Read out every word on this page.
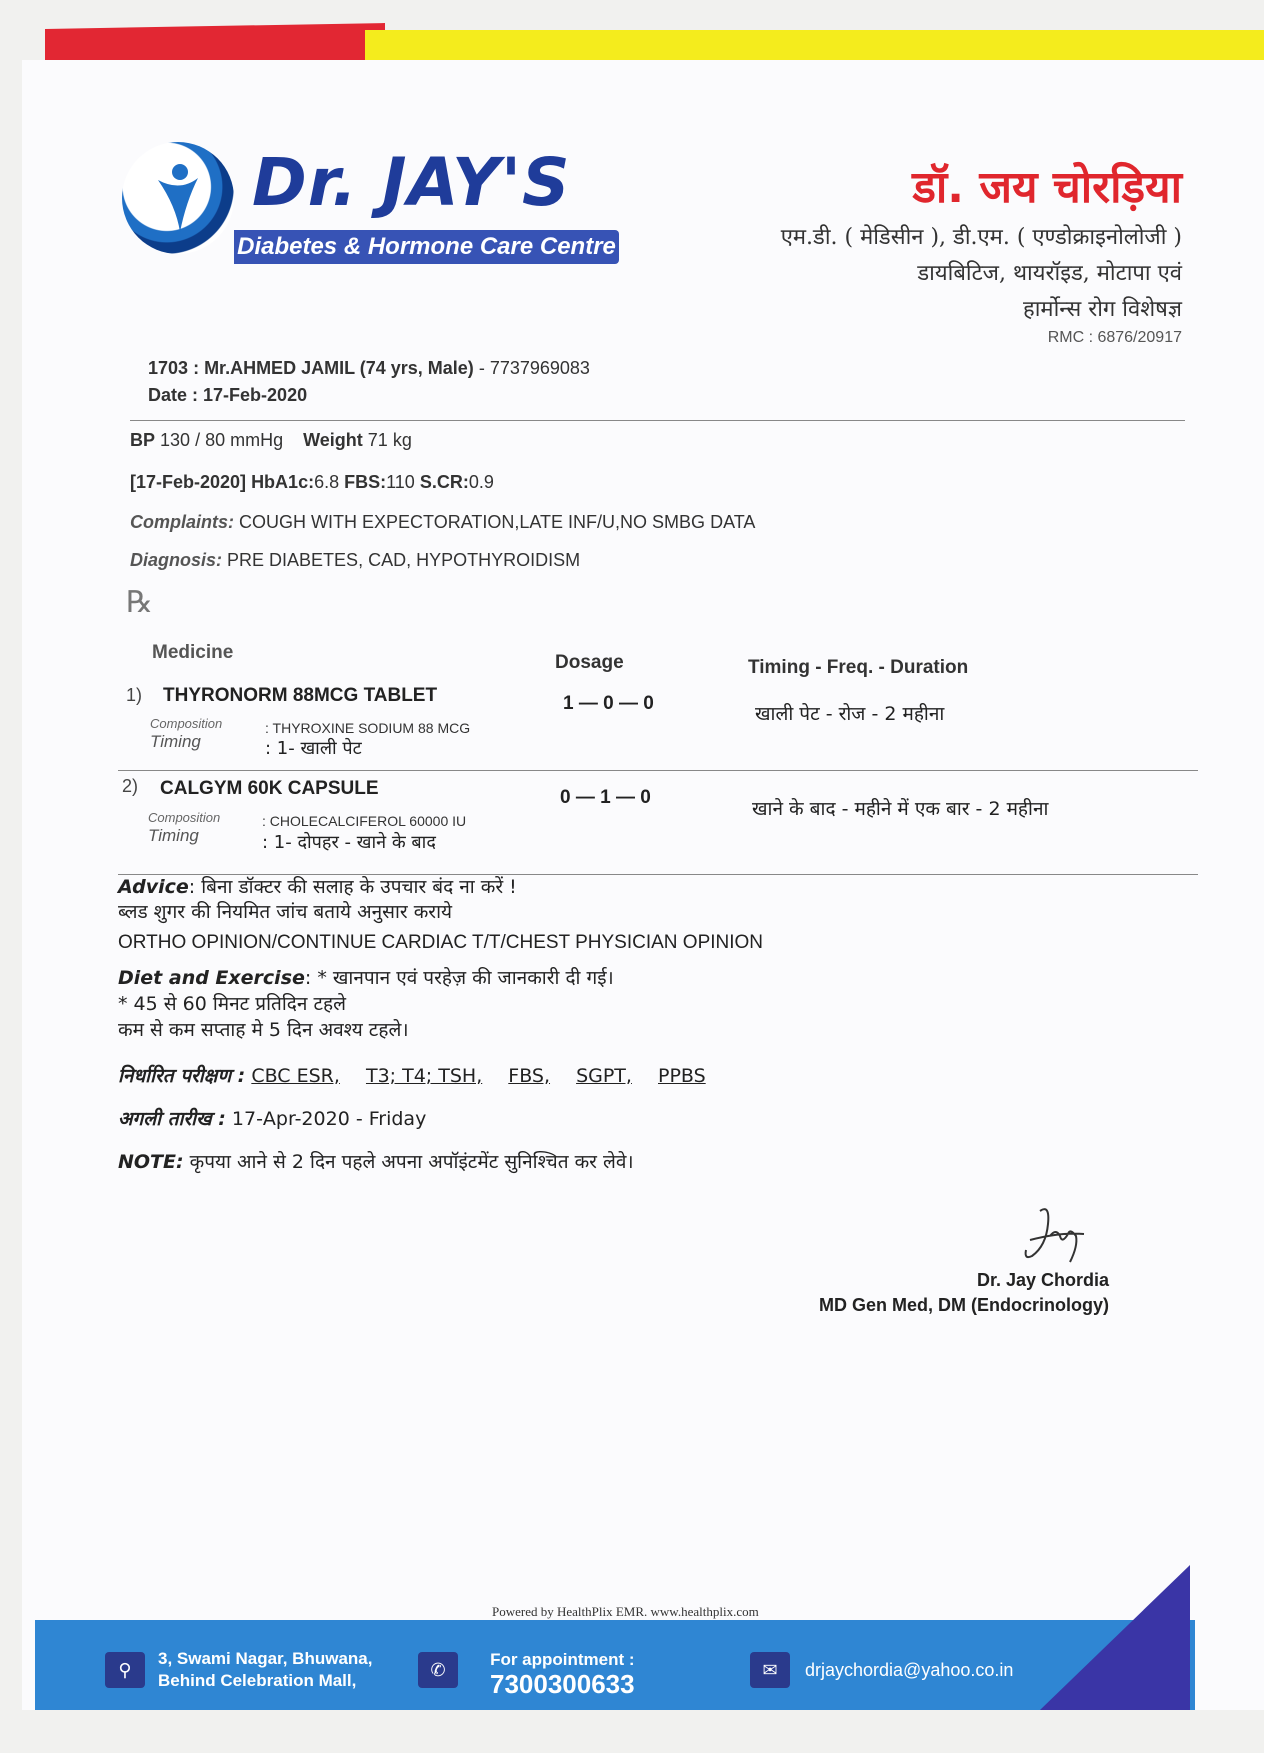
Dr. JAY'S
Diabetes & Hormone Care Centre
डॉ. जय चोरड़िया
एम.डी. ( मेडिसीन ), डी.एम. ( एण्डोक्राइनोलोजी )
डायबिटिज, थायरॉइड, मोटापा एवं
हार्मोन्स रोग विशेषज्ञ
RMC : 6876/20917
1703 : Mr.AHMED JAMIL (74 yrs, Male) - 7737969083
Date : 17-Feb-2020
BP 130 / 80 mmHg Weight 71 kg
[17-Feb-2020] HbA1c:6.8 FBS:110 S.CR:0.9
Complaints: COUGH WITH EXPECTORATION,LATE INF/U,NO SMBG DATA
Diagnosis: PRE DIABETES, CAD, HYPOTHYROIDISM
℞
Medicine	Dosage	Timing - Freq. - Duration
1) THYRONORM 88MCG TABLET
Composition	: THYROXINE SODIUM 88 MCG
Timing	: 1- खाली पेट
1 — 0 — 0	खाली पेट - रोज - 2 महीना
2) CALGYM 60K CAPSULE
Composition	: CHOLECALCIFEROL 60000 IU
Timing	: 1- दोपहर - खाने के बाद
0 — 1 — 0
खाने के बाद - महीने में एक बार - 2 महीना
Advice: बिना डॉक्टर की सलाह के उपचार बंद ना करें !
ब्लड शुगर की नियमित जांच बताये अनुसार कराये
ORTHO OPINION/CONTINUE CARDIAC T/T/CHEST PHYSICIAN OPINION
Diet and Exercise: * खानपान एवं परहेज़ की जानकारी दी गई।
* 45 से 60 मिनट प्रतिदिन टहले
कम से कम सप्ताह मे 5 दिन अवश्य टहले।
निर्धारित परीक्षण : CBC ESR, T3; T4; TSH, FBS, SGPT, PPBS
अगली तारीख : 17-Apr-2020 - Friday
NOTE: कृपया आने से 2 दिन पहले अपना अपॉइंटमेंट सुनिश्चित कर लेवे।
Dr. Jay Chordia
MD Gen Med, DM (Endocrinology)
Powered by HealthPlix EMR. www.healthplix.com
⚲
3, Swami Nagar, Bhuwana,
Behind Celebration Mall,
✆
For appointment :
7300300633	✉	drjaychordia@yahoo.co.in
